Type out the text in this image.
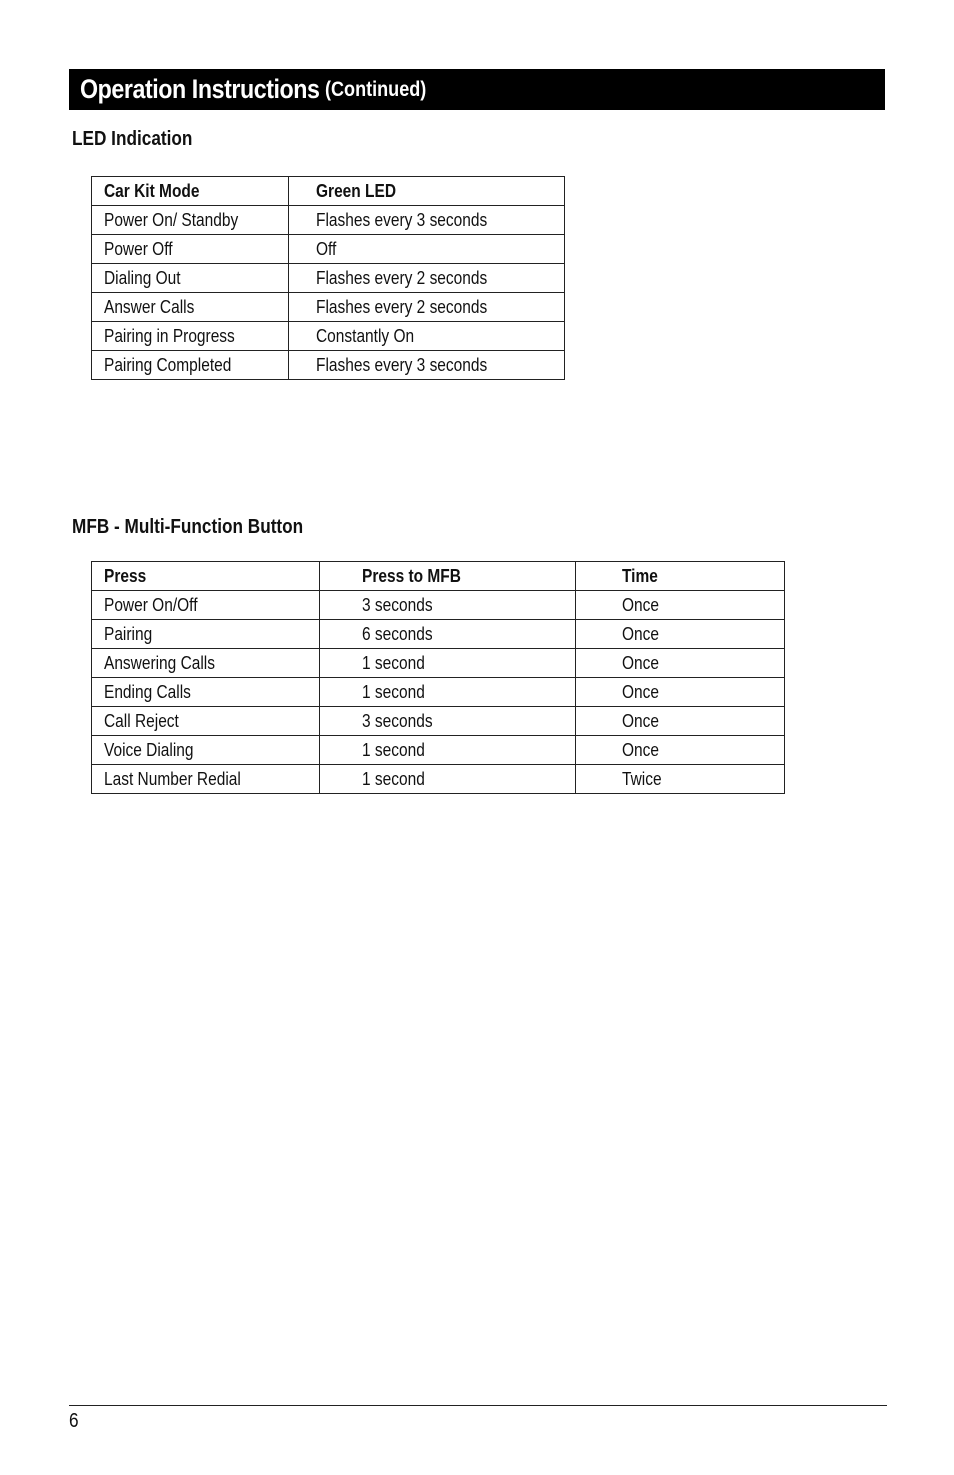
Operation Instructions (Continued)
LED Indication
Car Kit Mode	Green LED
Power On/ Standby	Flashes every 3 seconds
Power Off	Off
Dialing Out	Flashes every 2 seconds
Answer Calls	Flashes every 2 seconds
Pairing in Progress	Constantly On
Pairing Completed	Flashes every 3 seconds
MFB - Multi-Function Button
Press	Press to MFB	Time
Power On/Off	3 seconds	Once
Pairing	6 seconds	Once
Answering Calls	1 second	Once
Ending Calls	1 second	Once
Call Reject	3 seconds	Once
Voice Dialing	1 second	Once
Last Number Redial	1 second	Twice
6
